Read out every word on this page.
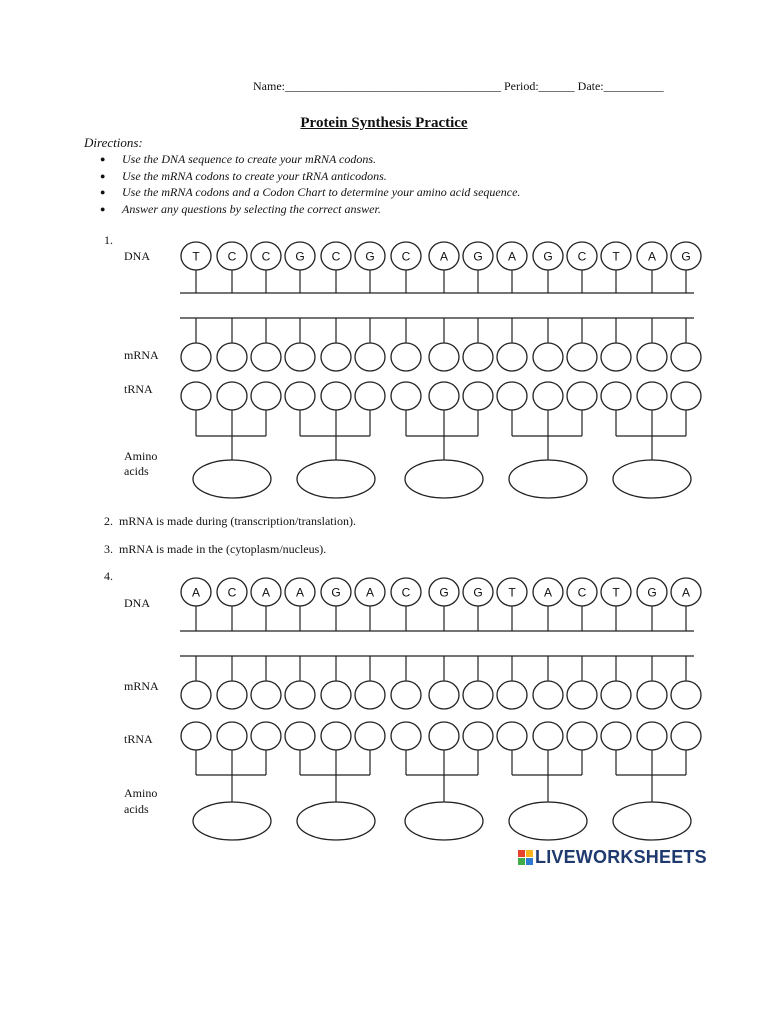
Name:____________________________________ Period:______ Date:__________
Protein Synthesis Practice
Directions:
● Use the DNA sequence to create your mRNA codons.
● Use the mRNA codons to create your tRNA anticodons.
● Use the mRNA codons and a Codon Chart to determine your amino acid sequence.
● Answer any questions by selecting the correct answer.
1.
DNA
mRNA
tRNA
Amino
acids
2.  mRNA is made during (transcription/translation).
3.  mRNA is made in the (cytoplasm/nucleus).
4.
DNA
mRNA
tRNA
Amino
acids
T C C G C G C A G A G C T A G
A C A A G A C G G T A C T G A
LIVEWORKSHEETS
